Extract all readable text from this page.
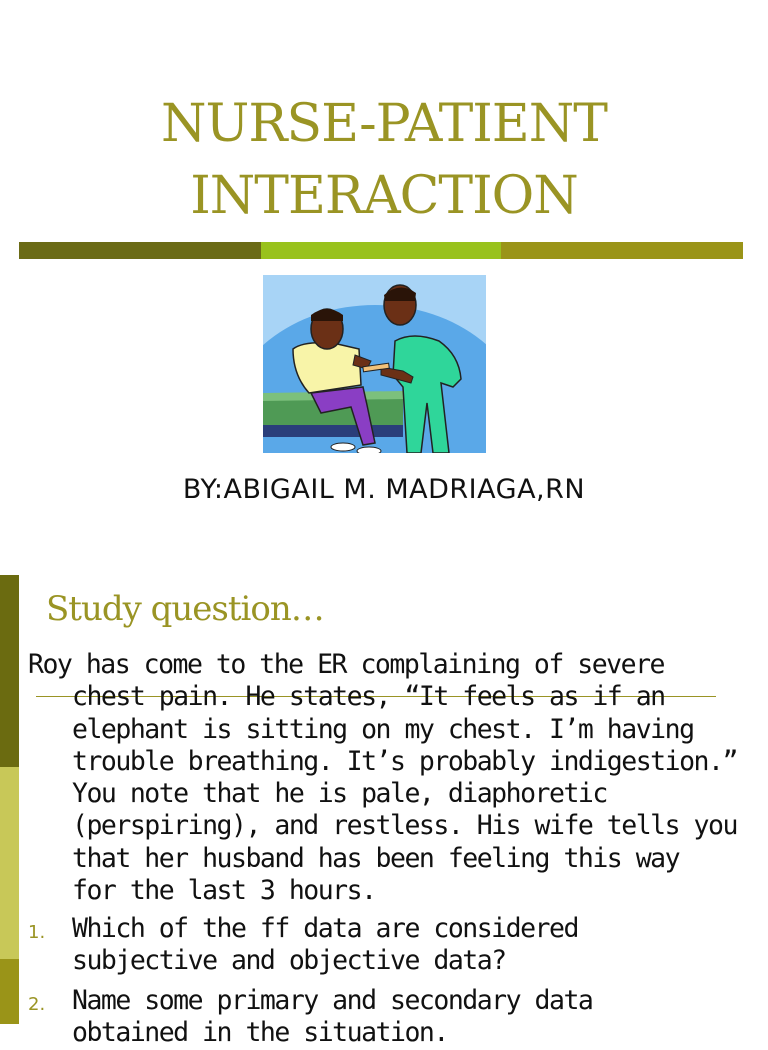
NURSE-PATIENT
INTERACTION
BY:ABIGAIL M. MADRIAGA,RN
Study question…
Roy has come to the ER complaining of severe
chest pain. He states, “It feels as if an
elephant is sitting on my chest. I’m having
trouble breathing. It’s probably indigestion.”
You note that he is pale, diaphoretic
(perspiring), and restless. His wife tells you
that her husband has been feeling this way
for the last 3 hours.
1.	Which of the ff data are considered
subjective and objective data?
2.	Name some primary and secondary data
obtained in the situation.
